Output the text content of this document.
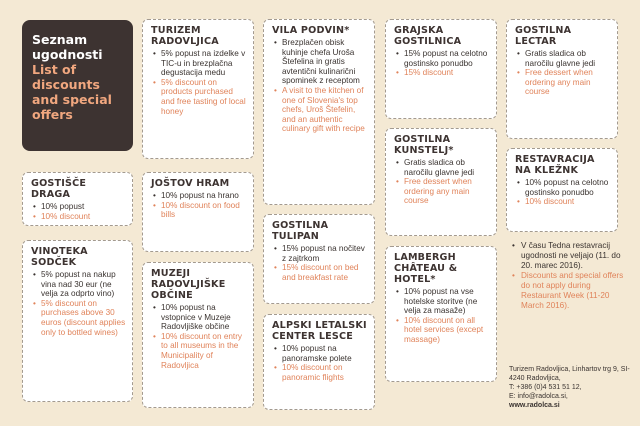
Seznam ugodnosti
List of discounts and special offers
TURIZEM RADOVLJICA
• 5% popust na izdelke v TIC-u in brezplačna degustacija medu
• 5% discount on products purchased and free tasting of local honey
VILA PODVIN*
• Brezplačen obisk kuhinje chefa Uroša Štefelina in gratis avtentični kulinarični spominek z receptom
• A visit to the kitchen of one of Slovenia's top chefs, Uroš Štefelin, and an authentic culinary gift with recipe
GRAJSKA GOSTILNICA
• 15% popust na celotno gostinsko ponudbo
• 15% discount
GOSTILNA LECTAR
• Gratis sladica ob naročilu glavne jedi
• Free dessert when ordering any main course
GOSTILNA KUNSTELJ*
• Gratis sladica ob naročilu glavne jedi
• Free dessert when ordering any main course
RESTAVRACIJA NA KLEŽNK
• 10% popust na celotno gostinsko ponudbo
• 10% discount
GOSTIŠČE DRAGA
• 10% popust
• 10% discount
JOŠTOV HRAM
• 10% popust na hrano
• 10% discount on food bills
GOSTILNA TULIPAN
• 15% popust na nočitev z zajtrkom
• 15% discount on bed and breakfast rate
LAMBERGH CHÂTEAU & HOTEL*
• 10% popust na vse hotelske storitve (ne velja za masaže)
• 10% discount on all hotel services (except massage)
VINOTEKA SODČEK
• 5% popust na nakup vina nad 30 eur (ne velja za odprto vino)
• 5% discount on purchases above 30 euros (discount applies only to bottled wines)
MUZEJI RADOVLJIŠKE OBČINE
• 10% popust na vstopnice v Muzeje Radovljiške občine
• 10% discount on entry to all museums in the Municipality of Radovljica
ALPSKI LETALSKI CENTER LESCE
• 10% popust na panoramske polete
• 10% discount on panoramic flights
• V času Tedna restavracij ugodnosti ne veljajo (11. do 20. marec 2016).
• Discounts and special offers do not apply during Restaurant Week (11-20 March 2016).
Turizem Radovljica, Linhartov trg 9, SI-4240 Radovljica,
T: +386 (0)4 531 51 12,
E: info@radolca.si,
www.radolca.si
